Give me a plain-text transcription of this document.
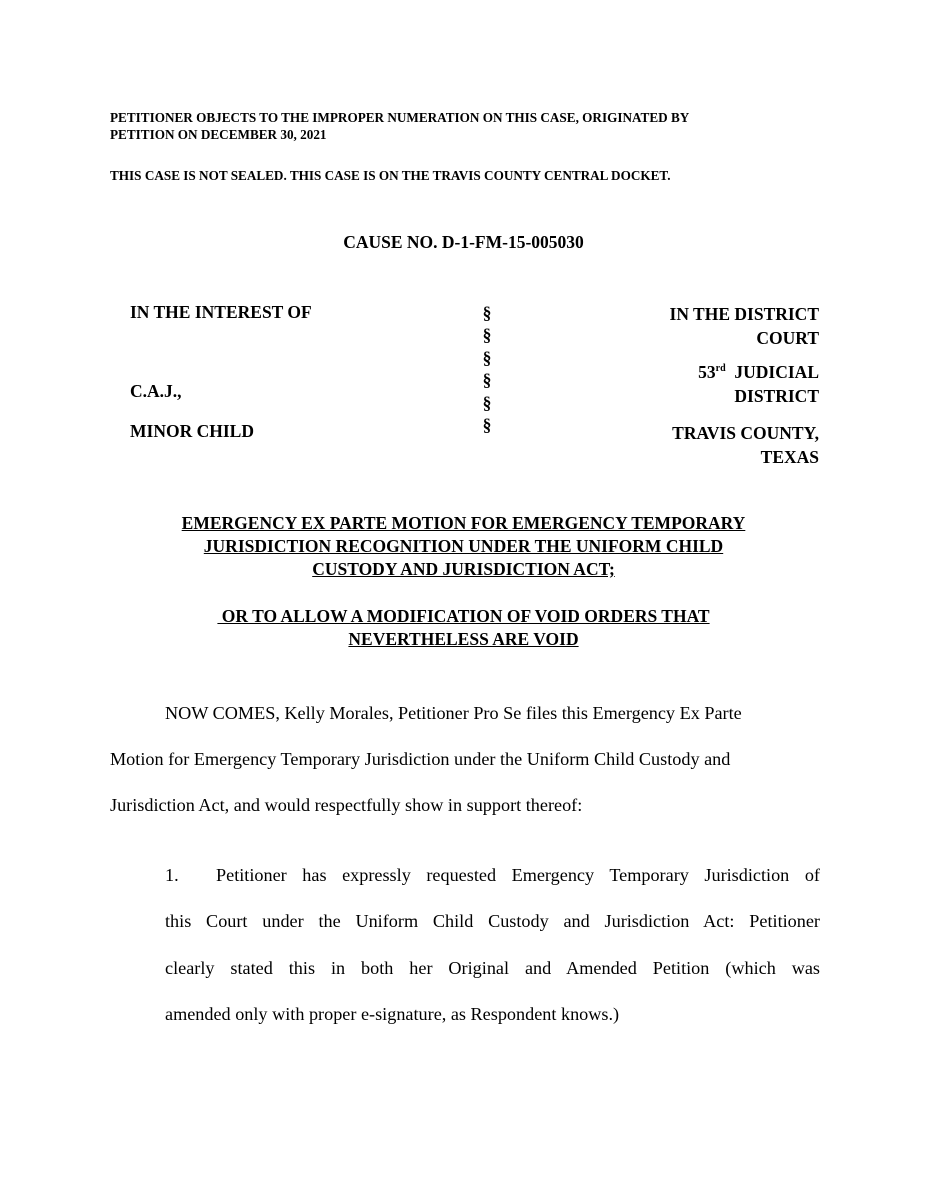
PETITIONER OBJECTS TO THE IMPROPER NUMERATION ON THIS CASE, ORIGINATED BY
PETITION ON DECEMBER 30, 2021
THIS CASE IS NOT SEALED. THIS CASE IS ON THE TRAVIS COUNTY CENTRAL DOCKET.
CAUSE NO. D-1-FM-15-005030
IN THE INTEREST OF
C.A.J.,
MINOR CHILD
§
§
§
§
§
§
IN THE DISTRICT
COURT
53rd  JUDICIAL
DISTRICT
TRAVIS COUNTY,
TEXAS
EMERGENCY EX PARTE MOTION FOR EMERGENCY TEMPORARY
JURISDICTION RECOGNITION UNDER THE UNIFORM CHILD
CUSTODY AND JURISDICTION ACT;
OR TO ALLOW A MODIFICATION OF VOID ORDERS THAT
NEVERTHELESS ARE VOID
NOW COMES, Kelly Morales, Petitioner Pro Se files this Emergency Ex Parte
Motion for Emergency Temporary Jurisdiction under the Uniform Child Custody and
Jurisdiction Act, and would respectfully show in support thereof:
1. Petitioner has expressly requested Emergency Temporary Jurisdiction of
this Court under the Uniform Child Custody and Jurisdiction Act: Petitioner
clearly stated this in both her Original and Amended Petition (which was
amended only with proper e-signature, as Respondent knows.)
